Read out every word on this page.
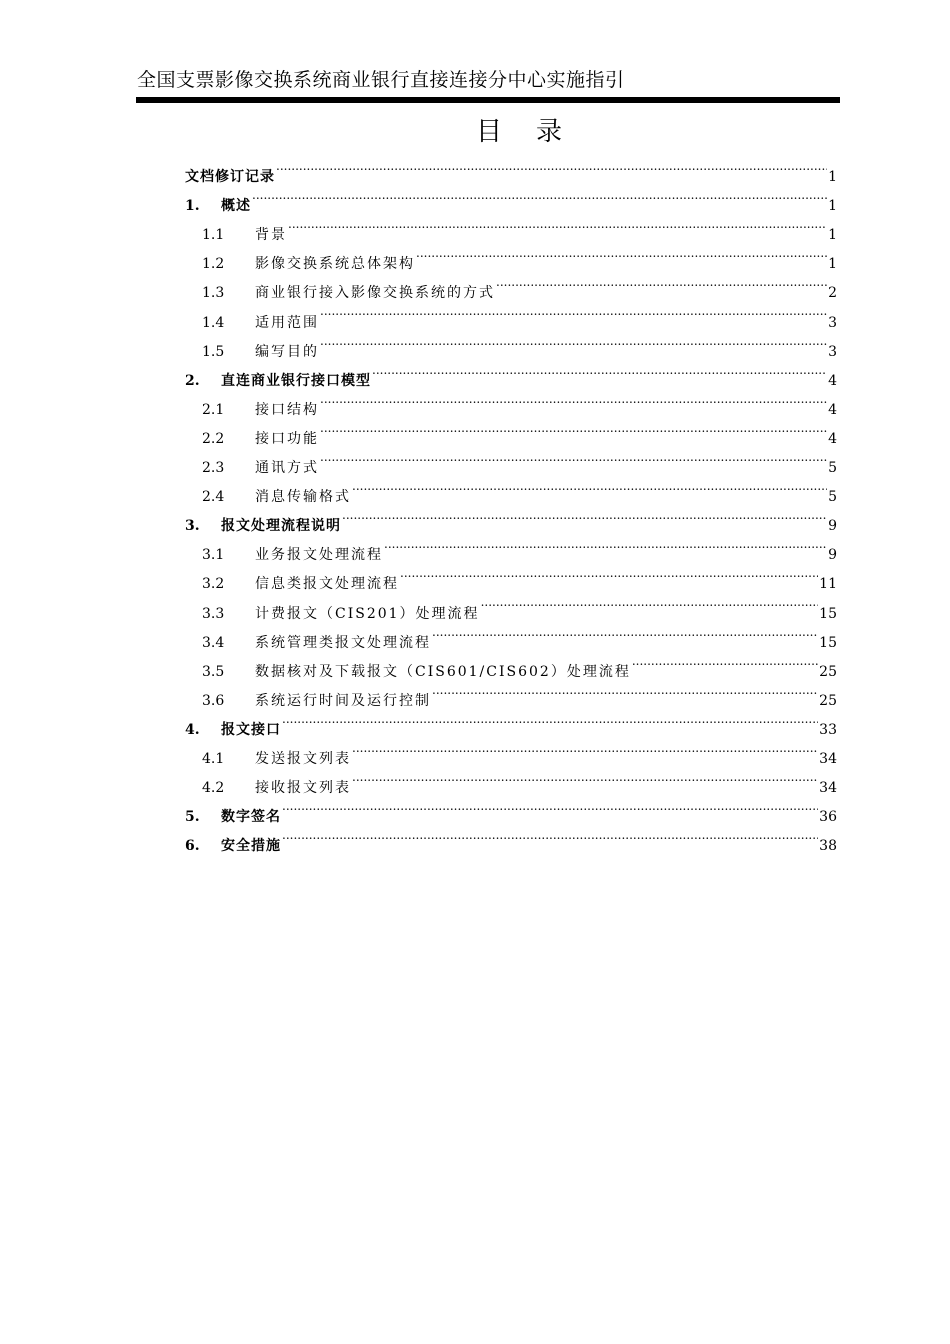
全国支票影像交换系统商业银行直接连接分中心实施指引
目 录
文档修订记录 .....	1
1.	概述 .....	1
1.1	背景 .....	1
1.2	影像交换系统总体架构 .....	1
1.3	商业银行接入影像交换系统的方式 .....	2
1.4	适用范围 .....	3
1.5	编写目的 .....	3
2.	直连商业银行接口模型 .....	4
2.1	接口结构 .....	4
2.2	接口功能 .....	4
2.3	通讯方式 .....	5
2.4	消息传输格式 .....	5
3.	报文处理流程说明 .....	9
3.1	业务报文处理流程 .....	9
3.2	信息类报文处理流程 .....	11
3.3	计费报文（CIS201）处理流程 .....	15
3.4	系统管理类报文处理流程 .....	15
3.5	数据核对及下载报文（CIS601/CIS602）处理流程 .....	25
3.6	系统运行时间及运行控制 .....	25
4.	报文接口 .....	33
4.1	发送报文列表 .....	34
4.2	接收报文列表 .....	34
5.	数字签名 .....	36
6.	安全措施 .....	38
